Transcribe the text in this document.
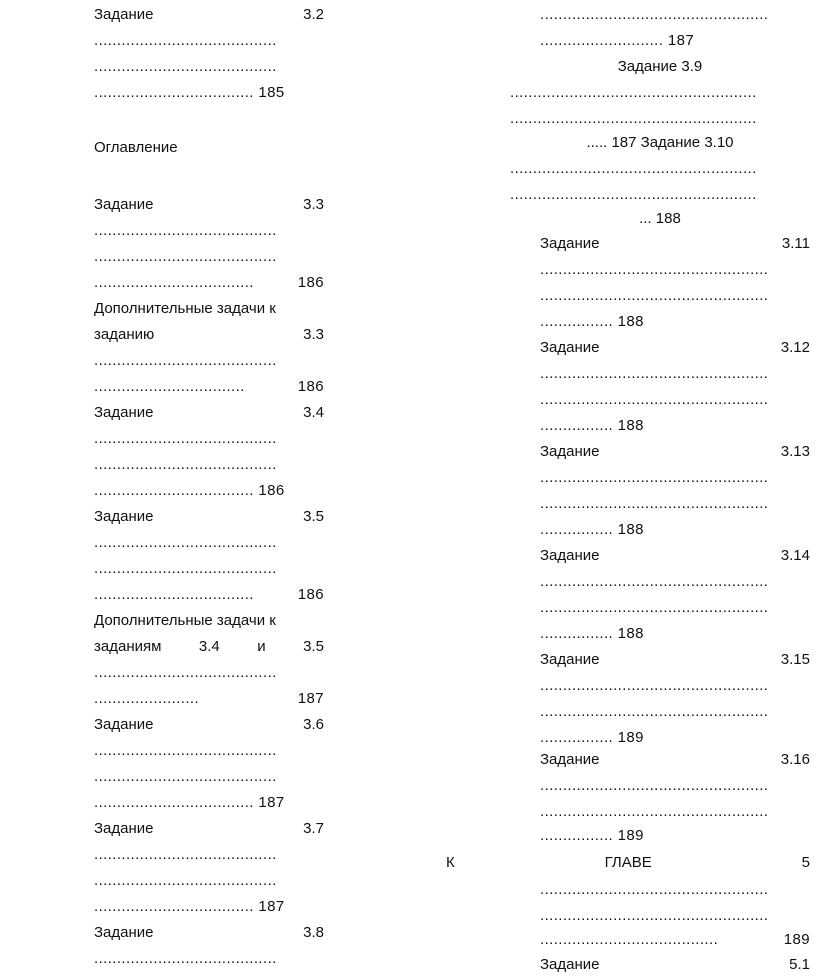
Задание	3.2
........................................
........................................
................................... 185
Оглавление
Задание	3.3
........................................
........................................
...................................	186
Дополнительные задачи к
заданию	3.3
........................................
.................................	186
Задание	3.4
........................................
........................................
................................... 186
Задание	3.5
........................................
........................................
...................................	186
Дополнительные задачи к
заданиям 3.4 и 3.5
........................................
.......................	187
Задание	3.6
........................................
........................................
................................... 187
Задание	3.7
........................................
........................................
................................... 187
Задание	3.8
........................................
..................................................
........................... 187
Задание 3.9
......................................................
......................................................
..... 187 Задание 3.10
......................................................
......................................................
... 188
Задание	3.11
..................................................
..................................................
................ 188
Задание	3.12
..................................................
..................................................
................ 188
Задание	3.13
..................................................
..................................................
................ 188
Задание	3.14
..................................................
..................................................
................ 188
Задание	3.15
..................................................
..................................................
................ 189
Задание	3.16
..................................................
..................................................
................ 189
К	ГЛАВЕ	5
..................................................
..................................................
.......................................	189
Задание	5.1
